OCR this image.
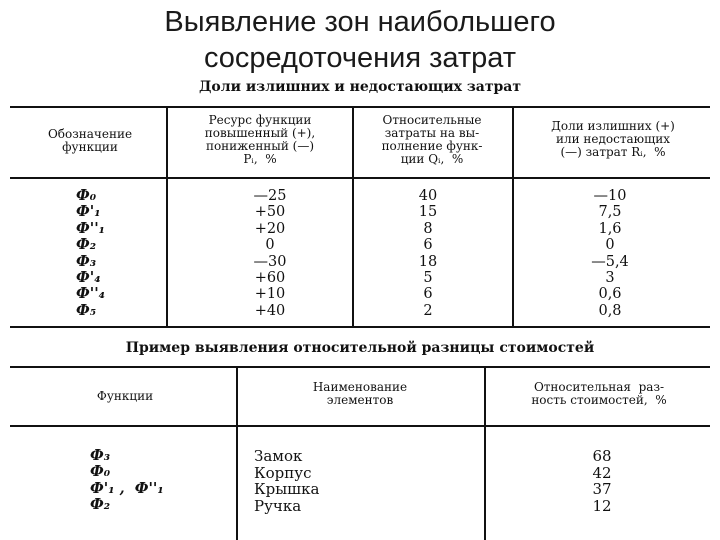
Выявление зон наибольшего
сосредоточения затрат
Доли излишних и недостающих затрат
Обозначение
функции
Ресурс функции
повышенный (+),
пониженный (—)
Pᵢ,  %
Относительные
затраты на вы-
полнение функ-
ции Qᵢ,  %
Доли излишних (+)
или недостающих
(—) затрат Rᵢ,  %
Ф₀
Ф'₁
Ф''₁
Ф₂
Ф₃
Ф'₄
Ф''₄
Ф₅
—25
+50
+20
0
—30
+60
+10
+40
40
15
8
6
18
5
6
2
—10
7,5
1,6
0
—5,4
3
0,6
0,8
Пример выявления относительной разницы стоимостей
Функции
Наименование
элементов
Относительная  раз-
ность стоимостей,  %
Ф₃
Ф₀
Ф'₁ ,  Ф''₁
Ф₂
Замок
Корпус
Крышка
Ручка
68
42
37
12
